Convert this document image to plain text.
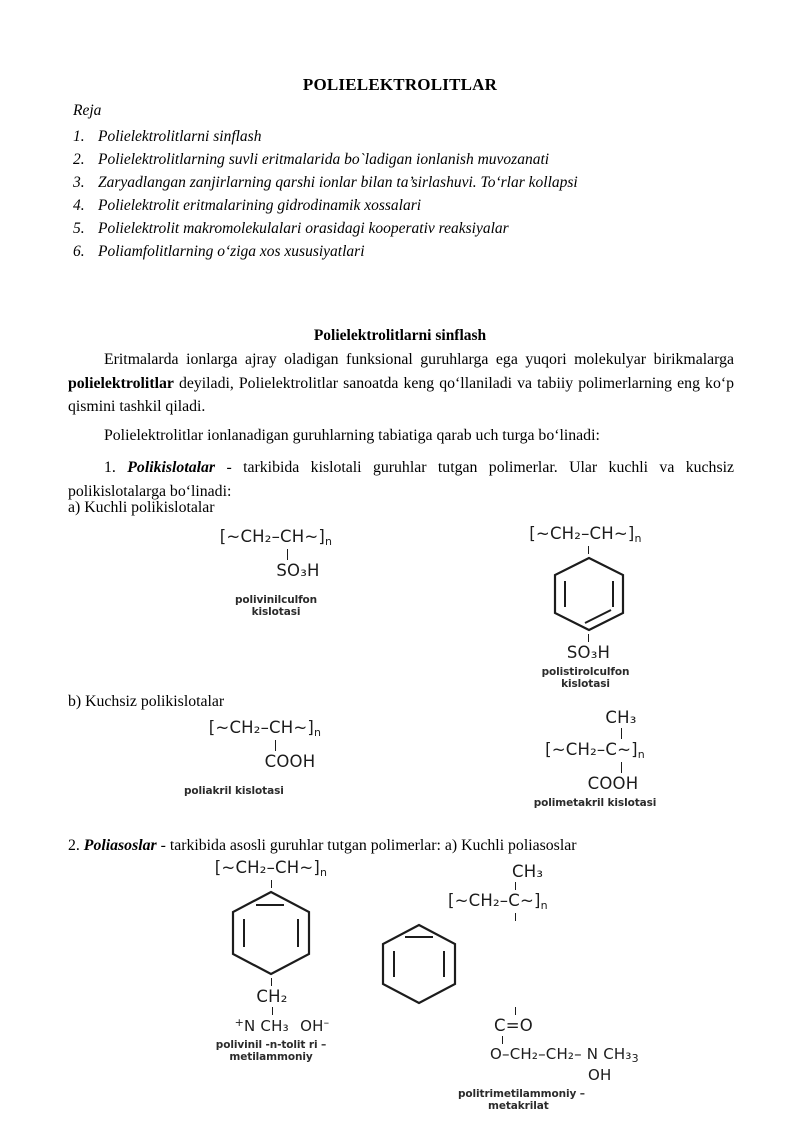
POLIELEKTROLITLAR
Reja
1. Polielektrolitlarni sinflash
2. Polielektrolitlarning suvli eritmalarida bo`ladigan ionlanish muvozanati
3. Zaryadlangan zanjirlarning qarshi ionlar bilan ta’sirlashuvi. To‘rlar kollapsi
4. Polielektrolit eritmalarining gidrodinamik xossalari
5. Polielektrolit makromolekulalari orasidagi kooperativ reaksiyalar
6. Poliamfolitlarning o‘ziga xos xususiyatlari
Polielektrolitlarni sinflash
Eritmalarda ionlarga ajray oladigan funksional guruhlarga ega yuqori molekulyar birikmalarga polielektrolitlar deyiladi, Polielektrolitlar sanoatda keng qo‘llaniladi va tabiiy polimerlarning eng ko‘p qismini tashkil qiladi.
Polielektrolitlar ionlanadigan guruhlarning tabiatiga qarab uch turga bo‘linadi:
1. Polikislotalar - tarkibida kislotali guruhlar tutgan polimerlar. Ular kuchli va kuchsiz polikislotalarga bo‘linadi:
a) Kuchli polikislotalar
[~CH₂–CH~]n
SO₃H
polivinilculfon
kislotasi
[~CH₂–CH~]n
SO₃H
polistirolculfon
kislotasi
b) Kuchsiz polikislotalar
[~CH₂–CH~]n
COOH
poliakril kislotasi
CH₃
[~CH₂–C~]n
COOH
polimetakril kislotasi
2. Poliasoslar - tarkibida asosli guruhlar tutgan polimerlar: a) Kuchli poliasoslar
[~CH₂–CH~]n
CH₂
+N CH₃   OH–
polivinil -n-tolit ri –
metilammoniy
CH₃
[~CH₂–C~]n
C=O
O–CH₂–CH₂– N CH₃3
OH
politrimetilammoniy –
metakrilat
